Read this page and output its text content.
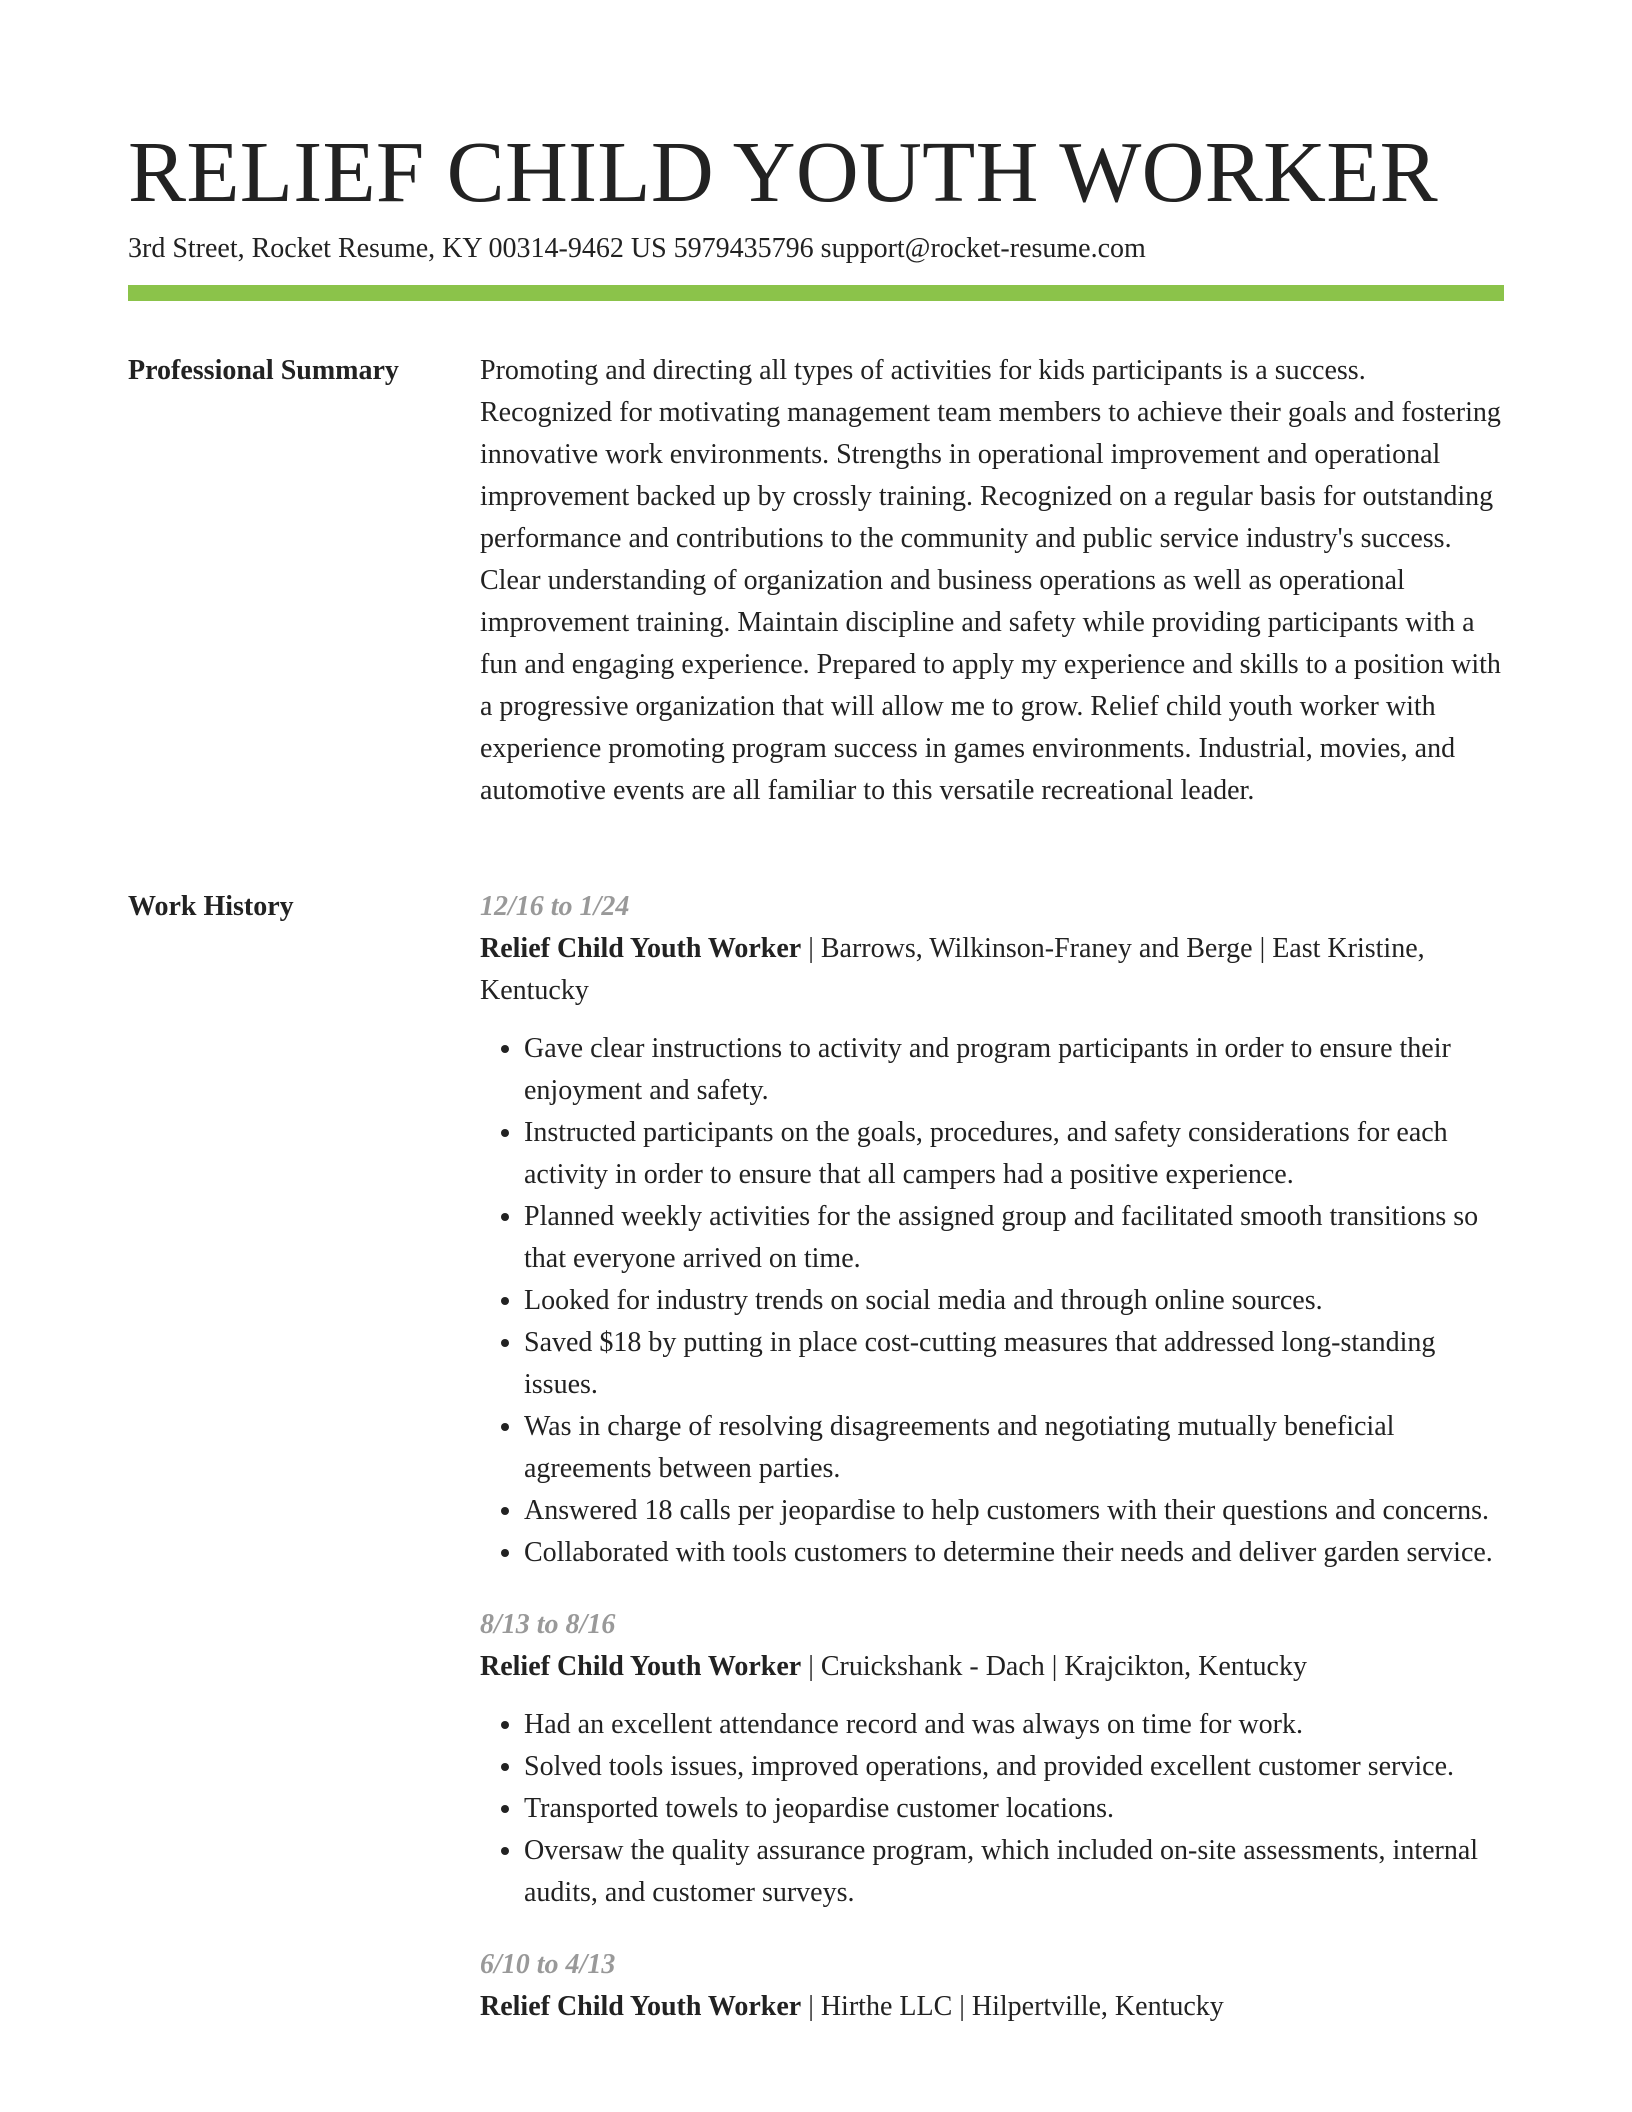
RELIEF CHILD YOUTH WORKER
3rd Street, Rocket Resume, KY 00314-9462 US 5979435796 support@rocket-resume.com
Professional Summary	Promoting and directing all types of activities for kids participants is a success. Recognized for motivating management team members to achieve their goals and fostering innovative work environments. Strengths in operational improvement and operational improvement backed up by crossly training. Recognized on a regular basis for outstanding performance and contributions to the community and public service industry's success. Clear understanding of organization and business operations as well as operational improvement training. Maintain discipline and safety while providing participants with a fun and engaging experience. Prepared to apply my experience and skills to a position with a progressive organization that will allow me to grow. Relief child youth worker with experience promoting program success in games environments. Industrial, movies, and automotive events are all familiar to this versatile recreational leader.

Work History	12/16 to 1/24
Relief Child Youth Worker | Barrows, Wilkinson-Franey and Berge | East Kristine, Kentucky
• Gave clear instructions to activity and program participants in order to ensure their enjoyment and safety.
• Instructed participants on the goals, procedures, and safety considerations for each activity in order to ensure that all campers had a positive experience.
• Planned weekly activities for the assigned group and facilitated smooth transitions so that everyone arrived on time.
• Looked for industry trends on social media and through online sources.
• Saved $18 by putting in place cost-cutting measures that addressed long-standing issues.
• Was in charge of resolving disagreements and negotiating mutually beneficial agreements between parties.
• Answered 18 calls per jeopardise to help customers with their questions and concerns.
• Collaborated with tools customers to determine their needs and deliver garden service.
8/13 to 8/16
Relief Child Youth Worker | Cruickshank - Dach | Krajcikton, Kentucky
• Had an excellent attendance record and was always on time for work.
• Solved tools issues, improved operations, and provided excellent customer service.
• Transported towels to jeopardise customer locations.
• Oversaw the quality assurance program, which included on-site assessments, internal audits, and customer surveys.
6/10 to 4/13
Relief Child Youth Worker | Hirthe LLC | Hilpertville, Kentucky
